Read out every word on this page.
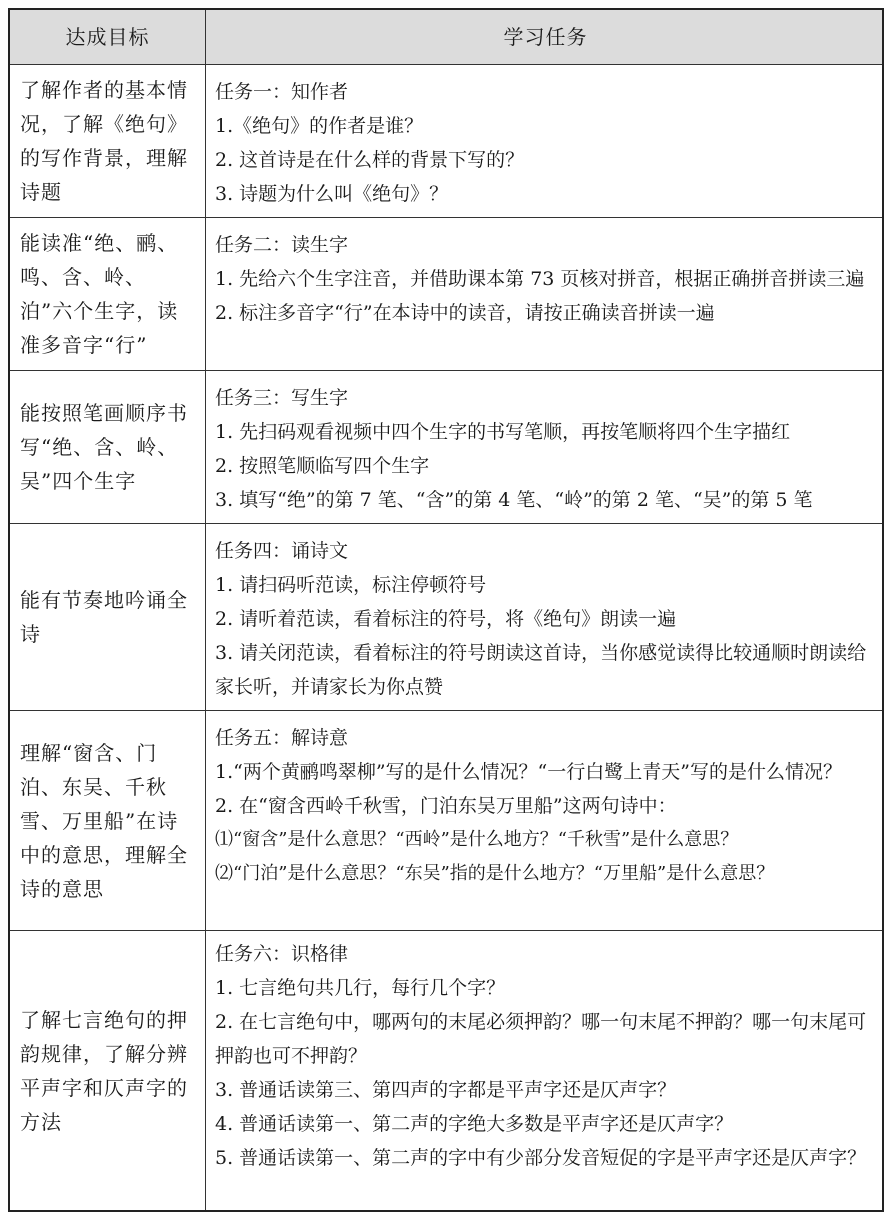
达成目标	学习任务
了解作者的基本情况，了解《绝句》的写作背景，理解诗题
任务一：知作者
1.《绝句》的作者是谁？
2. 这首诗是在什么样的背景下写的？
3. 诗题为什么叫《绝句》？
能读准“绝、鹂、鸣、含、岭、泊”六个生字，读准多音字“行”
任务二：读生字
1. 先给六个生字注音，并借助课本第 73 页核对拼音，根据正确拼音拼读三遍
2. 标注多音字“行”在本诗中的读音，请按正确读音拼读一遍
能按照笔画顺序书写“绝、含、岭、吴”四个生字
任务三：写生字
1. 先扫码观看视频中四个生字的书写笔顺，再按笔顺将四个生字描红
2. 按照笔顺临写四个生字
3. 填写“绝”的第 7 笔、“含”的第 4 笔、“岭”的第 2 笔、“吴”的第 5 笔
能有节奏地吟诵全诗
任务四：诵诗文
1. 请扫码听范读，标注停顿符号
2. 请听着范读，看着标注的符号，将《绝句》朗读一遍
3. 请关闭范读，看着标注的符号朗读这首诗，当你感觉读得比较通顺时朗读给家长听，并请家长为你点赞
理解“窗含、门泊、东吴、千秋雪、万里船”在诗中的意思，理解全诗的意思
任务五：解诗意
1.“两个黄鹂鸣翠柳”写的是什么情况？“一行白鹭上青天”写的是什么情况？
2. 在“窗含西岭千秋雪，门泊东吴万里船”这两句诗中：
⑴“窗含”是什么意思？“西岭”是什么地方？“千秋雪”是什么意思？
⑵“门泊”是什么意思？“东吴”指的是什么地方？“万里船”是什么意思？
了解七言绝句的押韵规律，了解分辨平声字和仄声字的方法
任务六：识格律
1. 七言绝句共几行，每行几个字？
2. 在七言绝句中，哪两句的末尾必须押韵？哪一句末尾不押韵？哪一句末尾可押韵也可不押韵？
3. 普通话读第三、第四声的字都是平声字还是仄声字？
4. 普通话读第一、第二声的字绝大多数是平声字还是仄声字？
5. 普通话读第一、第二声的字中有少部分发音短促的字是平声字还是仄声字？
